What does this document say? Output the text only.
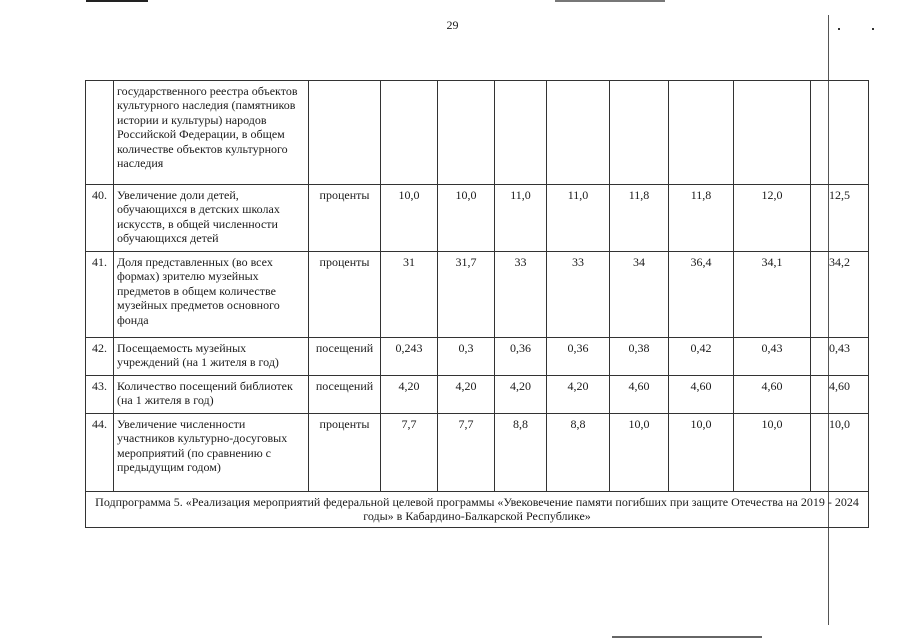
29
	государственного реестра объектов культурного наследия (памятников истории и культуры) народов Российской Федерации, в общем количестве объектов культурного наследия									
40.	Увеличение доли детей, обучающихся в детских школах искусств, в общей численности обучающихся детей	проценты	10,0	10,0	11,0	11,0	11,8	11,8	12,0	12,5
41.	Доля представленных (во всех формах) зрителю музейных предметов в общем количестве музейных предметов основного фонда	проценты	31	31,7	33	33	34	36,4	34,1	34,2
42.	Посещаемость музейных учреждений (на 1 жителя в год)	посещений	0,243	0,3	0,36	0,36	0,38	0,42	0,43	0,43
43.	Количество посещений библиотек (на 1 жителя в год)	посещений	4,20	4,20	4,20	4,20	4,60	4,60	4,60	4,60
44.	Увеличение численности участников культурно-досуговых мероприятий (по сравнению с предыдущим годом)	проценты	7,7	7,7	8,8	8,8	10,0	10,0	10,0	10,0
Подпрограмма 5. «Реализация мероприятий федеральной целевой программы «Увековечение памяти погибших при защите Отечества на 2019 - 2024 годы» в Кабардино-Балкарской Республике»										
